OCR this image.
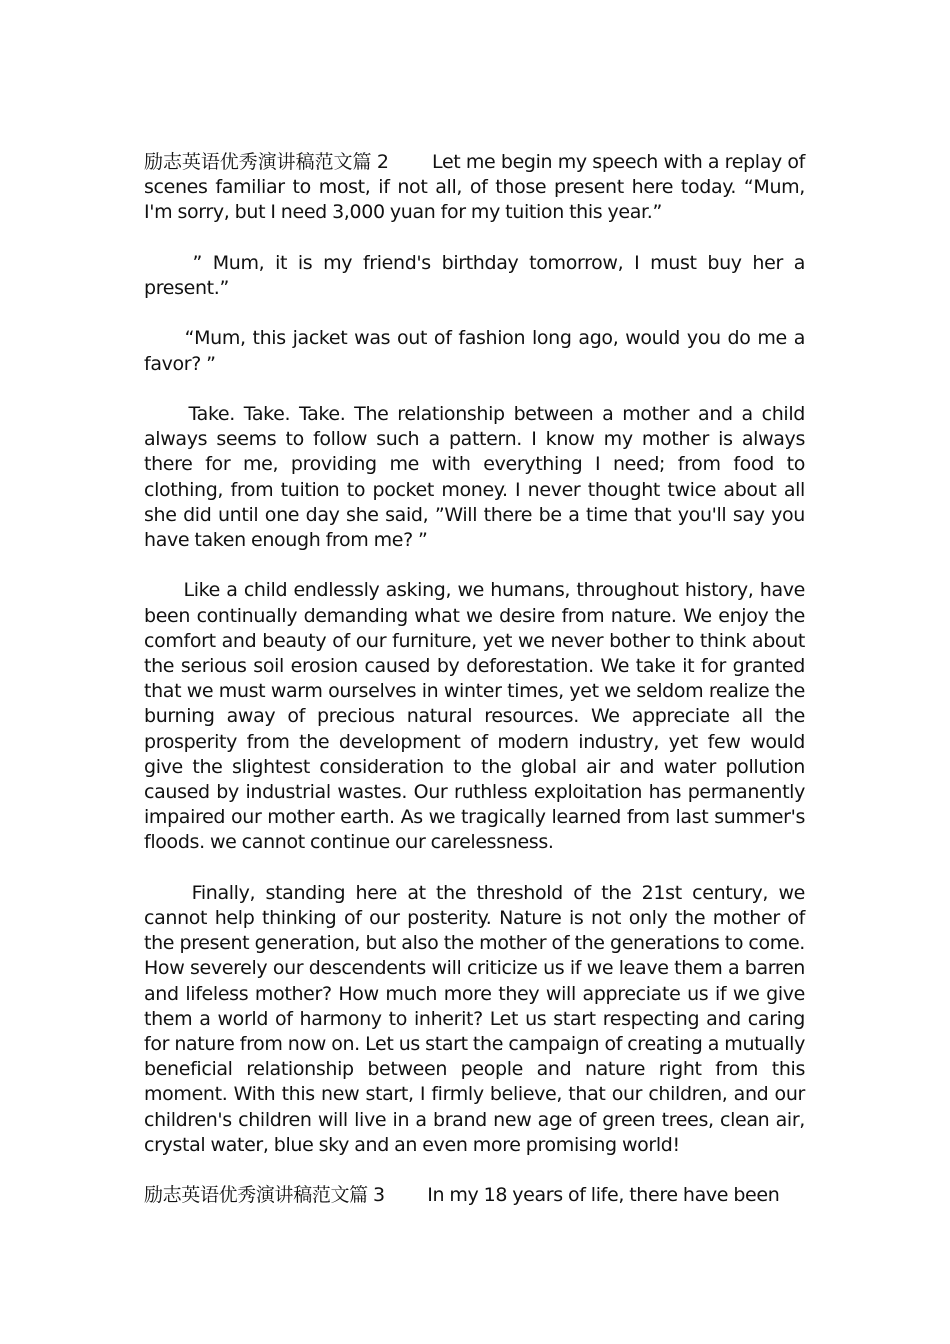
励志英语优秀演讲稿范文篇 2 　　Let me begin my speech with a replay of scenes familiar to most, if not all, of those present here today. “Mum, I'm sorry, but I need 3,000 yuan for my tuition this year.”

　　” Mum, it is my friend's birthday tomorrow, I must buy her a present.”

　　“Mum, this jacket was out of fashion long ago, would you do me a favor? ”

　　Take. Take. Take. The relationship between a mother and a child always seems to follow such a pattern. I know my mother is always there for me, providing me with everything I need; from food to clothing, from tuition to pocket money. I never thought twice about all she did until one day she said, ”Will there be a time that you'll say you have taken enough from me? ”

　　Like a child endlessly asking, we humans, throughout history, have been continually demanding what we desire from nature. We enjoy the comfort and beauty of our furniture, yet we never bother to think about the serious soil erosion caused by deforestation. We take it for granted that we must warm ourselves in winter times, yet we seldom realize the burning away of precious natural resources. We appreciate all the prosperity from the development of modern industry, yet few would give the slightest consideration to the global air and water pollution caused by industrial wastes. Our ruthless exploitation has permanently impaired our mother earth. As we tragically learned from last summer's floods. we cannot continue our carelessness.

　　Finally, standing here at the threshold of the 21st century, we cannot help thinking of our posterity. Nature is not only the mother of the present generation, but also the mother of the generations to come. How severely our descendents will criticize us if we leave them a barren and lifeless mother? How much more they will appreciate us if we give them a world of harmony to inherit? Let us start respecting and caring for nature from now on. Let us start the campaign of creating a mutually beneficial relationship between people and nature right from this moment. With this new start, I firmly believe, that our children, and our children's children will live in a brand new age of green trees, clean air, crystal water, blue sky and an even more promising world!

励志英语优秀演讲稿范文篇 3 　　In my 18 years of life, there have been
